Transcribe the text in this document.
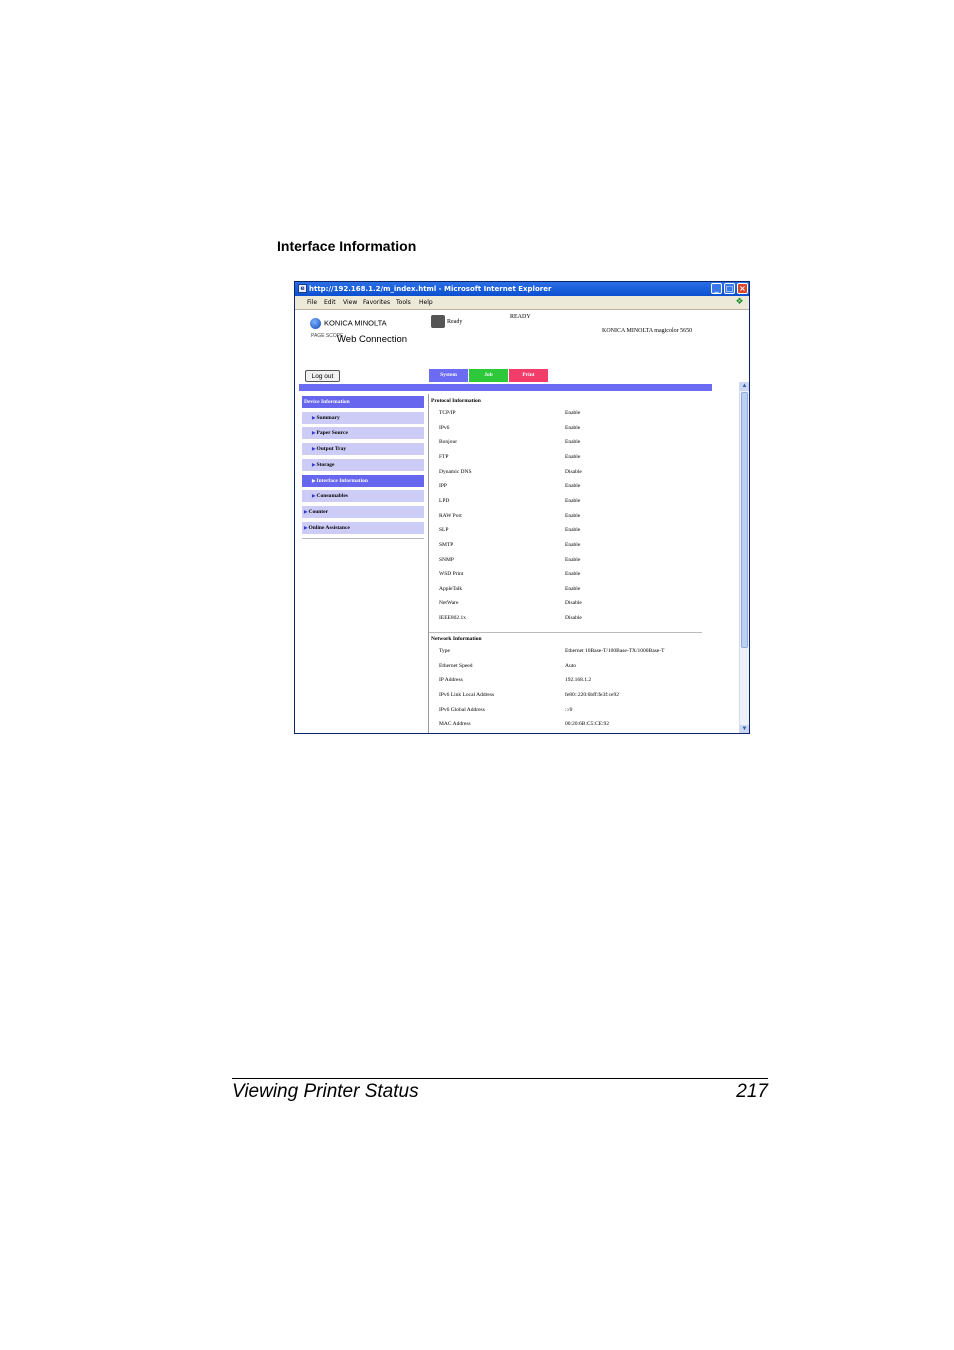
Interface Information
e http://192.168.1.2/m_index.html - Microsoft Internet Explorer	_ □ ×
File Edit View Favorites Tools Help	❖
KONICA MINOLTA
PAGE SCOPEWeb Connection
Ready
READY
KONICA MINOLTA magicolor 5650
Log out	System	Job	Print
Device Information
▶Summary
▶Paper Source
▶Output Tray
▶Storage
▶Interface Information
▶Consumables
▶Counter
▶Online Assistance
Protocol Information
TCP/IP	Enable
IPv6	Enable
Bonjour	Enable
FTP	Enable
Dynamic DNS	Disable
IPP	Enable
LPD	Enable
RAW Port	Enable
SLP	Enable
SMTP	Enable
SNMP	Enable
WSD Print	Enable
AppleTalk	Enable
NetWare	Disable
IEEE802.1x	Disable
Network Information
Type	Ethernet 10Base-T/100Base-TX/1000Base-T
Ethernet Speed	Auto
IP Address	192.168.1.2
IPv6 Link Local Address	fe80::220:6bff:fe3f:ce92
IPv6 Global Address	::/0
MAC Address	00:20:6B:C5:CE:92
▲
▼
Viewing Printer Status	217
